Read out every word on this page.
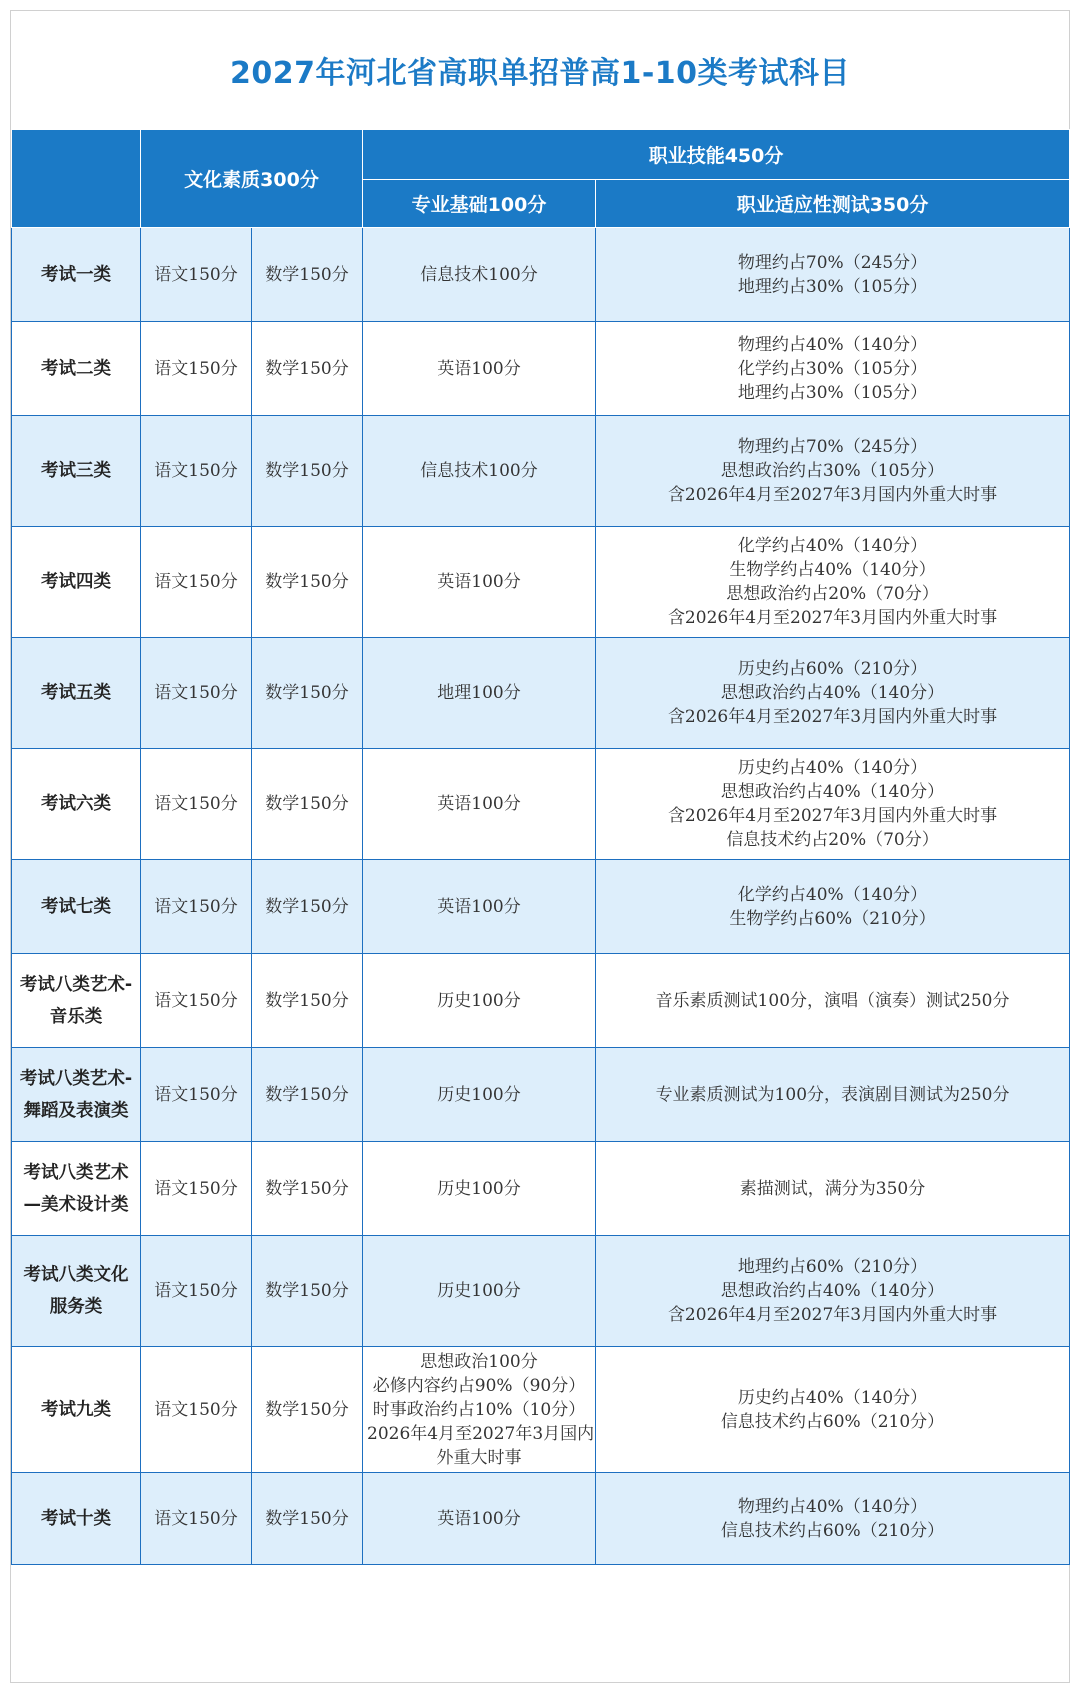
2027年河北省高职单招普高1-10类考试科目
	文化素质300分		职业技能450分	
			专业基础100分	职业适应性测试350分

考试一类	语文150分	数学150分	信息技术100分	物理约占70%（245分）
地理约占30%（105分）

考试二类	语文150分	数学150分	英语100分	物理约占40%（140分）
化学约占30%（105分）
地理约占30%（105分）

考试三类	语文150分	数学150分	信息技术100分	物理约占70%（245分）
思想政治约占30%（105分）
含2026年4月至2027年3月国内外重大时事

考试四类	语文150分	数学150分	英语100分	化学约占40%（140分）
生物学约占40%（140分）
思想政治约占20%（70分）
含2026年4月至2027年3月国内外重大时事

考试五类	语文150分	数学150分	地理100分	历史约占60%（210分）
思想政治约占40%（140分）
含2026年4月至2027年3月国内外重大时事

考试六类	语文150分	数学150分	英语100分	历史约占40%（140分）
思想政治约占40%（140分）
含2026年4月至2027年3月国内外重大时事
信息技术约占20%（70分）

考试七类	语文150分	数学150分	英语100分	化学约占40%（140分）
生物学约占60%（210分）

考试八类艺术-
音乐类	语文150分	数学150分	历史100分	音乐素质测试100分，演唱（演奏）测试250分

考试八类艺术-
舞蹈及表演类	语文150分	数学150分	历史100分	专业素质测试为100分，表演剧目测试为250分

考试八类艺术
—美术设计类	语文150分	数学150分	历史100分	素描测试，满分为350分

考试八类文化
服务类	语文150分	数学150分	历史100分	地理约占60%（210分）
思想政治约占40%（140分）
含2026年4月至2027年3月国内外重大时事

考试九类	语文150分	数学150分	思想政治100分
必修内容约占90%（90分）
时事政治约占10%（10分）
2026年4月至2027年3月国内
外重大时事	历史约占40%（140分）
信息技术约占60%（210分）

考试十类	语文150分	数学150分	英语100分	物理约占40%（140分）
信息技术约占60%（210分）
